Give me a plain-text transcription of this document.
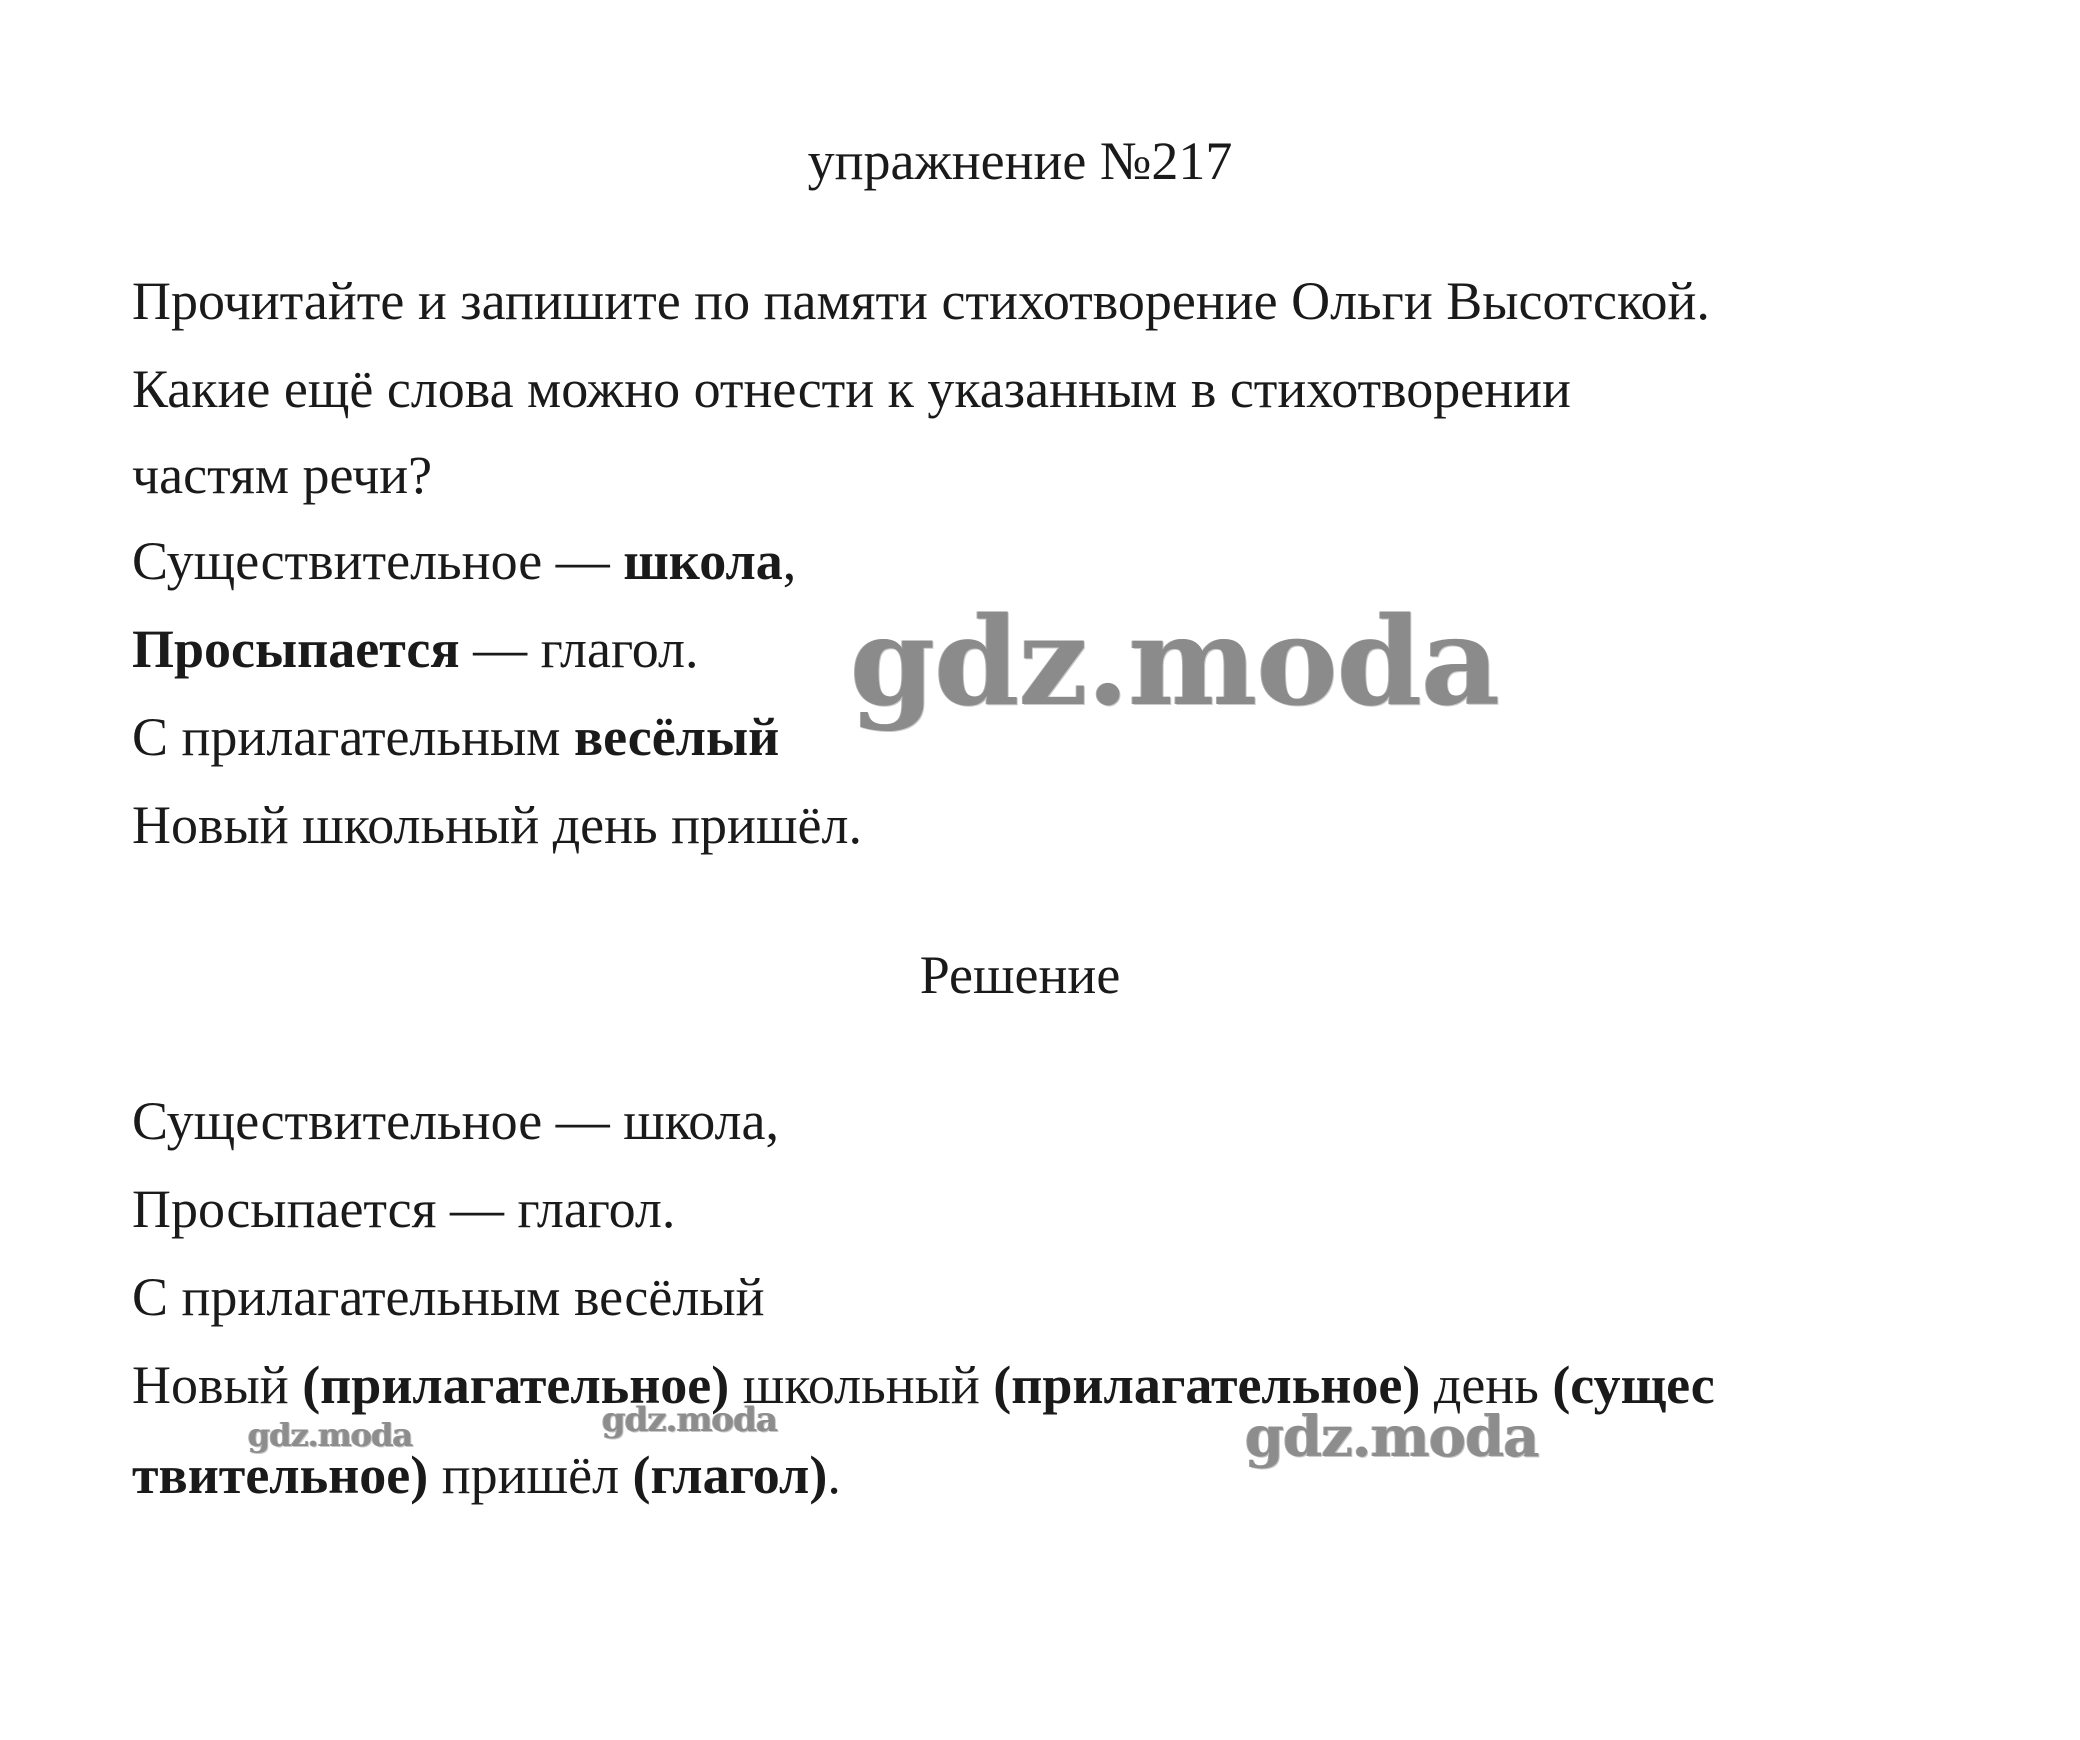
упражнение №217

Прочитайте и запишите по памяти стихотворение Ольги Высотской.

Какие ещё слова можно отнести к указанным в стихотворении

частям речи?

Существительное — школа,

Просыпается — глагол.

С прилагательным весёлый

Новый школьный день пришёл.

Решение

Существительное — школа,

Просыпается — глагол.

С прилагательным весёлый

Новый (прилагательное) школьный (прилагательное) день (сущес

твительное) пришёл (глагол).

gdz.moda
gdz.moda	gdz.moda	gdz.moda
